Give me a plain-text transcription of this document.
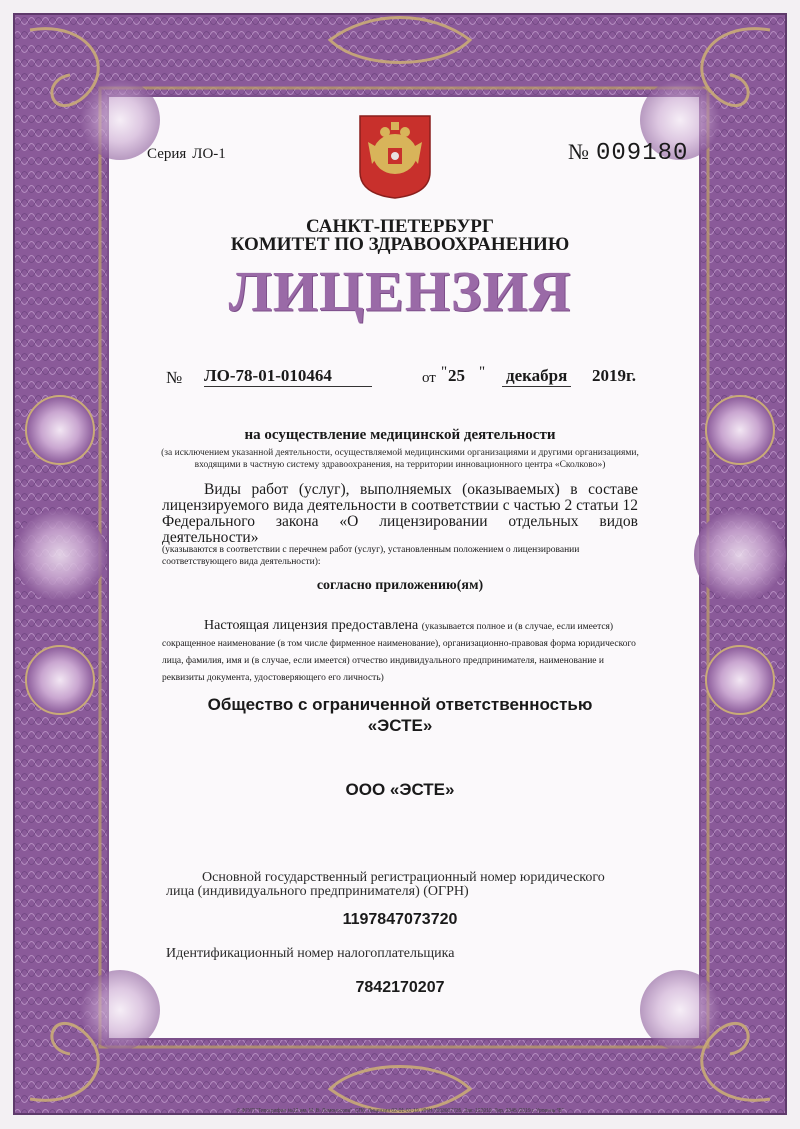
Серия ЛО-1	№ 009180
САНКТ-ПЕТЕРБУРГ
КОМИТЕТ ПО ЗДРАВООХРАНЕНИЮ
ЛИЦЕНЗИЯ
№ ЛО-78-01-010464	от " 25 " декабря 2019г.
на осуществление медицинской деятельности
(за исключением указанной деятельности, осуществляемой медицинскими организациями и другими организациями, входящими в частную систему здравоохранения, на территории инновационного центра «Сколково»)
Виды работ (услуг), выполняемых (оказываемых) в составе лицензируемого вида деятельности в соответствии с частью 2 статьи 12 Федерального закона «О лицензировании отдельных видов деятельности»
(указываются в соответствии с перечнем работ (услуг), установленным положением о лицензировании соответствующего вида деятельности):
согласно приложению(ям)
Настоящая лицензия предоставлена (указывается полное и (в случае, если имеется) сокращенное наименование (в том числе фирменное наименование), организационно-правовая форма юридического лица, фамилия, имя и (в случае, если имеется) отчество индивидуального предпринимателя, наименование и реквизиты документа, удостоверяющего его личность)
Общество с ограниченной ответственностью
«ЭСТЕ»
ООО «ЭСТЕ»
Основной государственный регистрационный номер юридического лица (индивидуального предпринимателя) (ОГРН)
1197847073720
Идентификационный номер налогоплательщика
7842170207
© ФГУП "Типография №12 им. М. В. Ломоносова". СПб. Лицензия 02-01-01-19. ИНН 7803007735. Зак. 192019. Тир. 3345 /2019 г. Уровень "Б"
